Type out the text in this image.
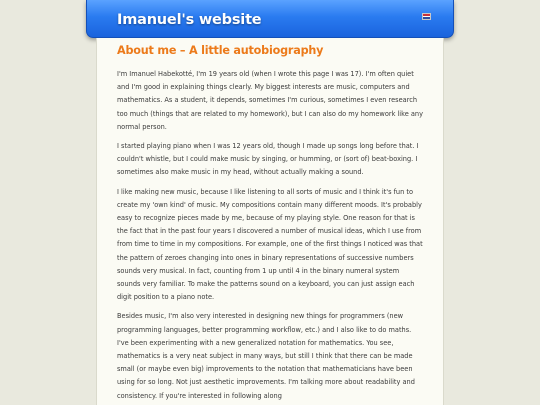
Imanuel's website
About me – A little autobiography

I'm Imanuel Habekotté, I'm 19 years old (when I wrote this page I was 17). I'm often quiet and I'm good in explaining things clearly. My biggest interests are music, computers and mathematics. As a student, it depends, sometimes I'm curious, sometimes I even research too much (things that are related to my homework), but I can also do my homework like any normal person.

I started playing piano when I was 12 years old, though I made up songs long before that. I couldn't whistle, but I could make music by singing, or humming, or (sort of) beat-boxing. I sometimes also make music in my head, without actually making a sound.

I like making new music, because I like listening to all sorts of music and I think it's fun to create my 'own kind' of music. My compositions contain many different moods. It's probably easy to recognize pieces made by me, because of my playing style. One reason for that is the fact that in the past four years I discovered a number of musical ideas, which I use from from time to time in my compositions. For example, one of the first things I noticed was that the pattern of zeroes changing into ones in binary representations of successive numbers sounds very musical. In fact, counting from 1 up until 4 in the binary numeral system sounds very familiar. To make the patterns sound on a keyboard, you can just assign each digit position to a piano note.

Besides music, I'm also very interested in designing new things for programmers (new programming languages, better programming workflow, etc.) and I also like to do maths. I've been experimenting with a new generalized notation for mathematics. You see, mathematics is a very neat subject in many ways, but still I think that there can be made small (or maybe even big) improvements to the notation that mathematicians have been using for so long. Not just aesthetic improvements. I'm talking more about readability and consistency. If you're interested in following along
